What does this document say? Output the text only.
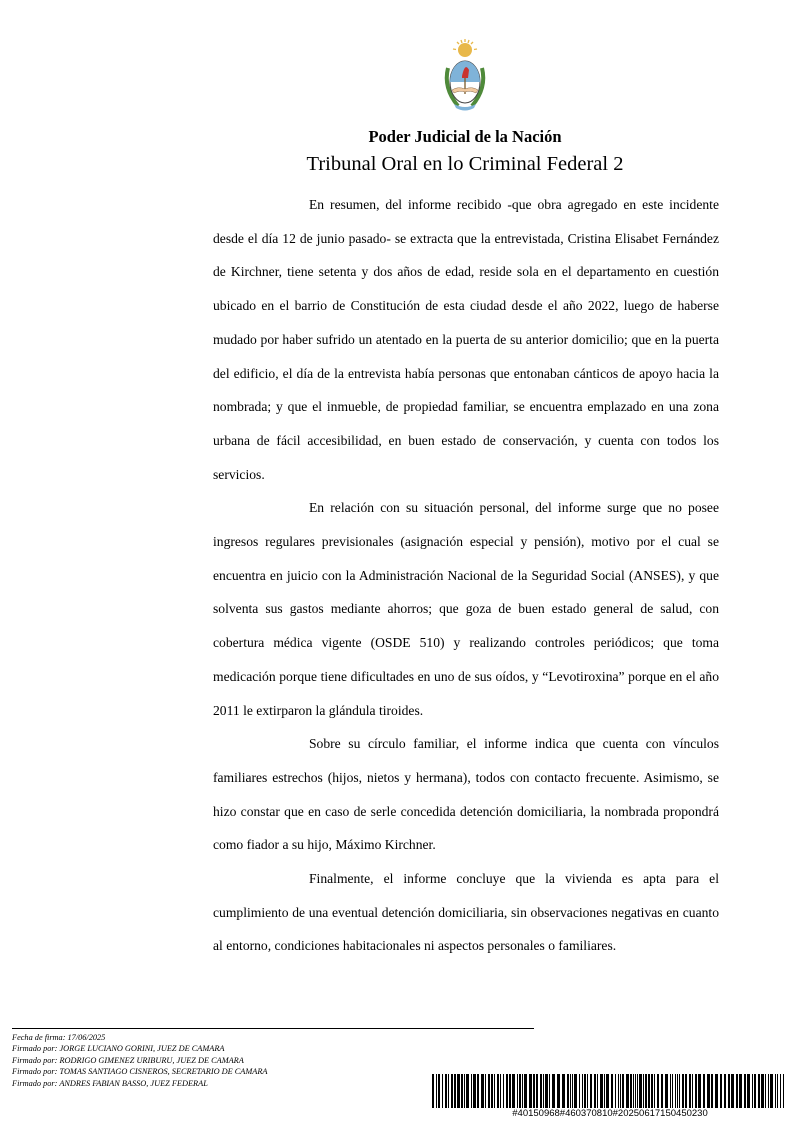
Poder Judicial de la Nación
Tribunal Oral en lo Criminal Federal 2

En resumen, del informe recibido -que obra agregado en este incidente desde el día 12 de junio pasado- se extracta que la entrevistada, Cristina Elisabet Fernández de Kirchner, tiene setenta y dos años de edad, reside sola en el departamento en cuestión ubicado en el barrio de Constitución de esta ciudad desde el año 2022, luego de haberse mudado por haber sufrido un atentado en la puerta de su anterior domicilio; que en la puerta del edificio, el día de la entrevista había personas que entonaban cánticos de apoyo hacia la nombrada; y que el inmueble, de propiedad familiar, se encuentra emplazado en una zona urbana de fácil accesibilidad, en buen estado de conservación, y cuenta con todos los servicios.

En relación con su situación personal, del informe surge que no posee ingresos regulares previsionales (asignación especial y pensión), motivo por el cual se encuentra en juicio con la Administración Nacional de la Seguridad Social (ANSES), y que solventa sus gastos mediante ahorros; que goza de buen estado general de salud, con cobertura médica vigente (OSDE 510) y realizando controles periódicos; que toma medicación porque tiene dificultades en uno de sus oídos, y “Levotiroxina” porque en el año 2011 le extirparon la glándula tiroides.

Sobre su círculo familiar, el informe indica que cuenta con vínculos familiares estrechos (hijos, nietos y hermana), todos con contacto frecuente. Asimismo, se hizo constar que en caso de serle concedida detención domiciliaria, la nombrada propondrá como fiador a su hijo, Máximo Kirchner.

Finalmente, el informe concluye que la vivienda es apta para el cumplimiento de una eventual detención domiciliaria, sin observaciones negativas en cuanto al entorno, condiciones habitacionales ni aspectos personales o familiares.

Fecha de firma: 17/06/2025
Firmado por: JORGE LUCIANO GORINI, JUEZ DE CAMARA
Firmado por: RODRIGO GIMENEZ URIBURU, JUEZ DE CAMARA
Firmado por: TOMAS SANTIAGO CISNEROS, SECRETARIO DE CAMARA
Firmado por: ANDRES FABIAN BASSO, JUEZ FEDERAL
#40150968#460370810#20250617150450230
